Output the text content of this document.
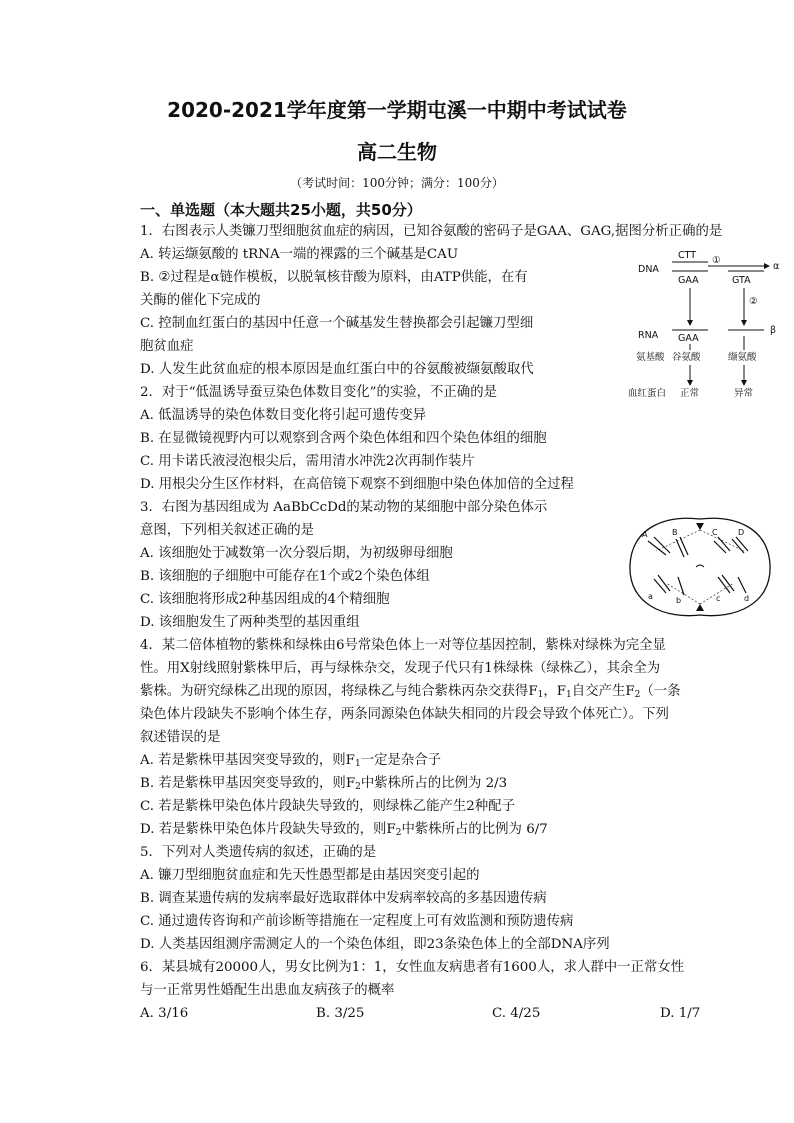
2020-2021学年度第一学期屯溪一中期中考试试卷
高二生物
（考试时间：100分钟；满分：100分）
一、单选题（本大题共25小题，共50分）
1．右图表示人类镰刀型细胞贫血症的病因，已知谷氨酸的密码子是GAA、GAG,据图分析正确的是
A. 转运缬氨酸的 tRNA一端的裸露的三个碱基是CAU
B. ②过程是α链作模板，以脱氧核苷酸为原料，由ATP供能，在有
关酶的催化下完成的
C. 控制血红蛋白的基因中任意一个碱基发生替换都会引起镰刀型细
胞贫血症
D. 人发生此贫血症的根本原因是血红蛋白中的谷氨酸被缬氨酸取代
DNA
RNA
CTT
GAA
①
α
GTA
②
GAA
β
氨基酸 谷氨酸	缬氨酸
血红蛋白 正常	异常
2．对于“低温诱导蚕豆染色体数目变化”的实验，不正确的是
A. 低温诱导的染色体数目变化将引起可遗传变异
B. 在显微镜视野内可以观察到含两个染色体组和四个染色体组的细胞
C. 用卡诺氏液浸泡根尖后，需用清水冲洗2次再制作装片
D. 用根尖分生区作材料，在高倍镜下观察不到细胞中染色体加倍的全过程
3．右图为基因组成为 AaBbCcDd的某动物的某细胞中部分染色体示
意图，下列相关叙述正确的是
A. 该细胞处于减数第一次分裂后期，为初级卵母细胞
B. 该细胞的子细胞中可能存在1个或2个染色体组
C. 该细胞将形成2种基因组成的4个精细胞
D. 该细胞发生了两种类型的基因重组
A	B	C	D
a	b	c	d
4．某二倍体植物的紫株和绿株由6号常染色体上一对等位基因控制，紫株对绿株为完全显
性。用X射线照射紫株甲后，再与绿株杂交，发现子代只有1株绿株（绿株乙），其余全为
紫株。为研究绿株乙出现的原因，将绿株乙与纯合紫株丙杂交获得$F_1$，$F_1$自交产生$F_2$（一条
染色体片段缺失不影响个体生存，两条同源染色体缺失相同的片段会导致个体死亡）。下列
叙述错误的是
A. 若是紫株甲基因突变导致的，则$F_1$一定是杂合子
B. 若是紫株甲基因突变导致的，则$F_2$中紫株所占的比例为 2/3
C. 若是紫株甲染色体片段缺失导致的，则绿株乙能产生2种配子
D. 若是紫株甲染色体片段缺失导致的，则$F_2$中紫株所占的比例为 6/7
5．下列对人类遗传病的叙述，正确的是
A. 镰刀型细胞贫血症和先天性愚型都是由基因突变引起的
B. 调查某遗传病的发病率最好选取群体中发病率较高的多基因遗传病
C. 通过遗传咨询和产前诊断等措施在一定程度上可有效监测和预防遗传病
D. 人类基因组测序需测定人的一个染色体组，即23条染色体上的全部DNA序列
6．某县城有20000人，男女比例为1：1，女性血友病患者有1600人，求人群中一正常女性
与一正常男性婚配生出患血友病孩子的概率
A. 3/16	B. 3/25	C. 4/25	D. 1/7
